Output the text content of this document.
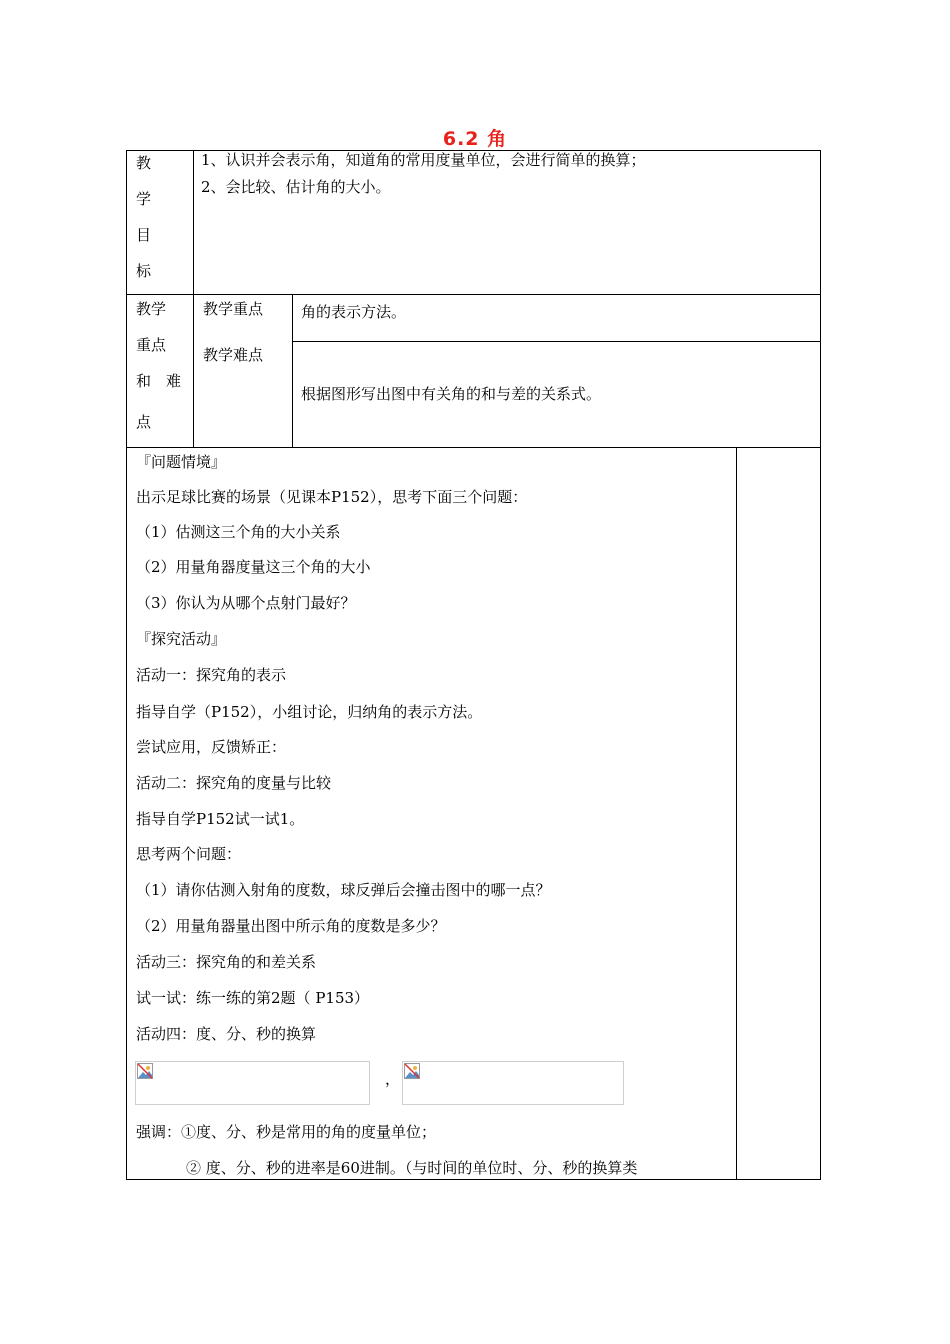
6.2 角
教
学
目
标
1、认识并会表示角，知道角的常用度量单位，会进行简单的换算；
2、会比较、估计角的大小。
教学
重点
和　难
点
教学重点	角的表示方法。
教学难点
根据图形写出图中有关角的和与差的关系式。
『问题情境』
出示足球比赛的场景（见课本P152），思考下面三个问题：
（1）估测这三个角的大小关系
（2）用量角器度量这三个角的大小
（3）你认为从哪个点射门最好？
『探究活动』
活动一：探究角的表示
指导自学（P152），小组讨论，归纳角的表示方法。
尝试应用，反馈矫正：
活动二：探究角的度量与比较
指导自学P152试一试1。
思考两个问题：
（1）请你估测入射角的度数，球反弹后会撞击图中的哪一点？
（2）用量角器量出图中所示角的度数是多少？
活动三：探究角的和差关系
试一试：练一练的第2题（ P153）
活动四：度、分、秒的换算
，
强调：①度、分、秒是常用的角的度量单位；
② 度、分、秒的进率是60进制。（与时间的单位时、分、秒的换算类
